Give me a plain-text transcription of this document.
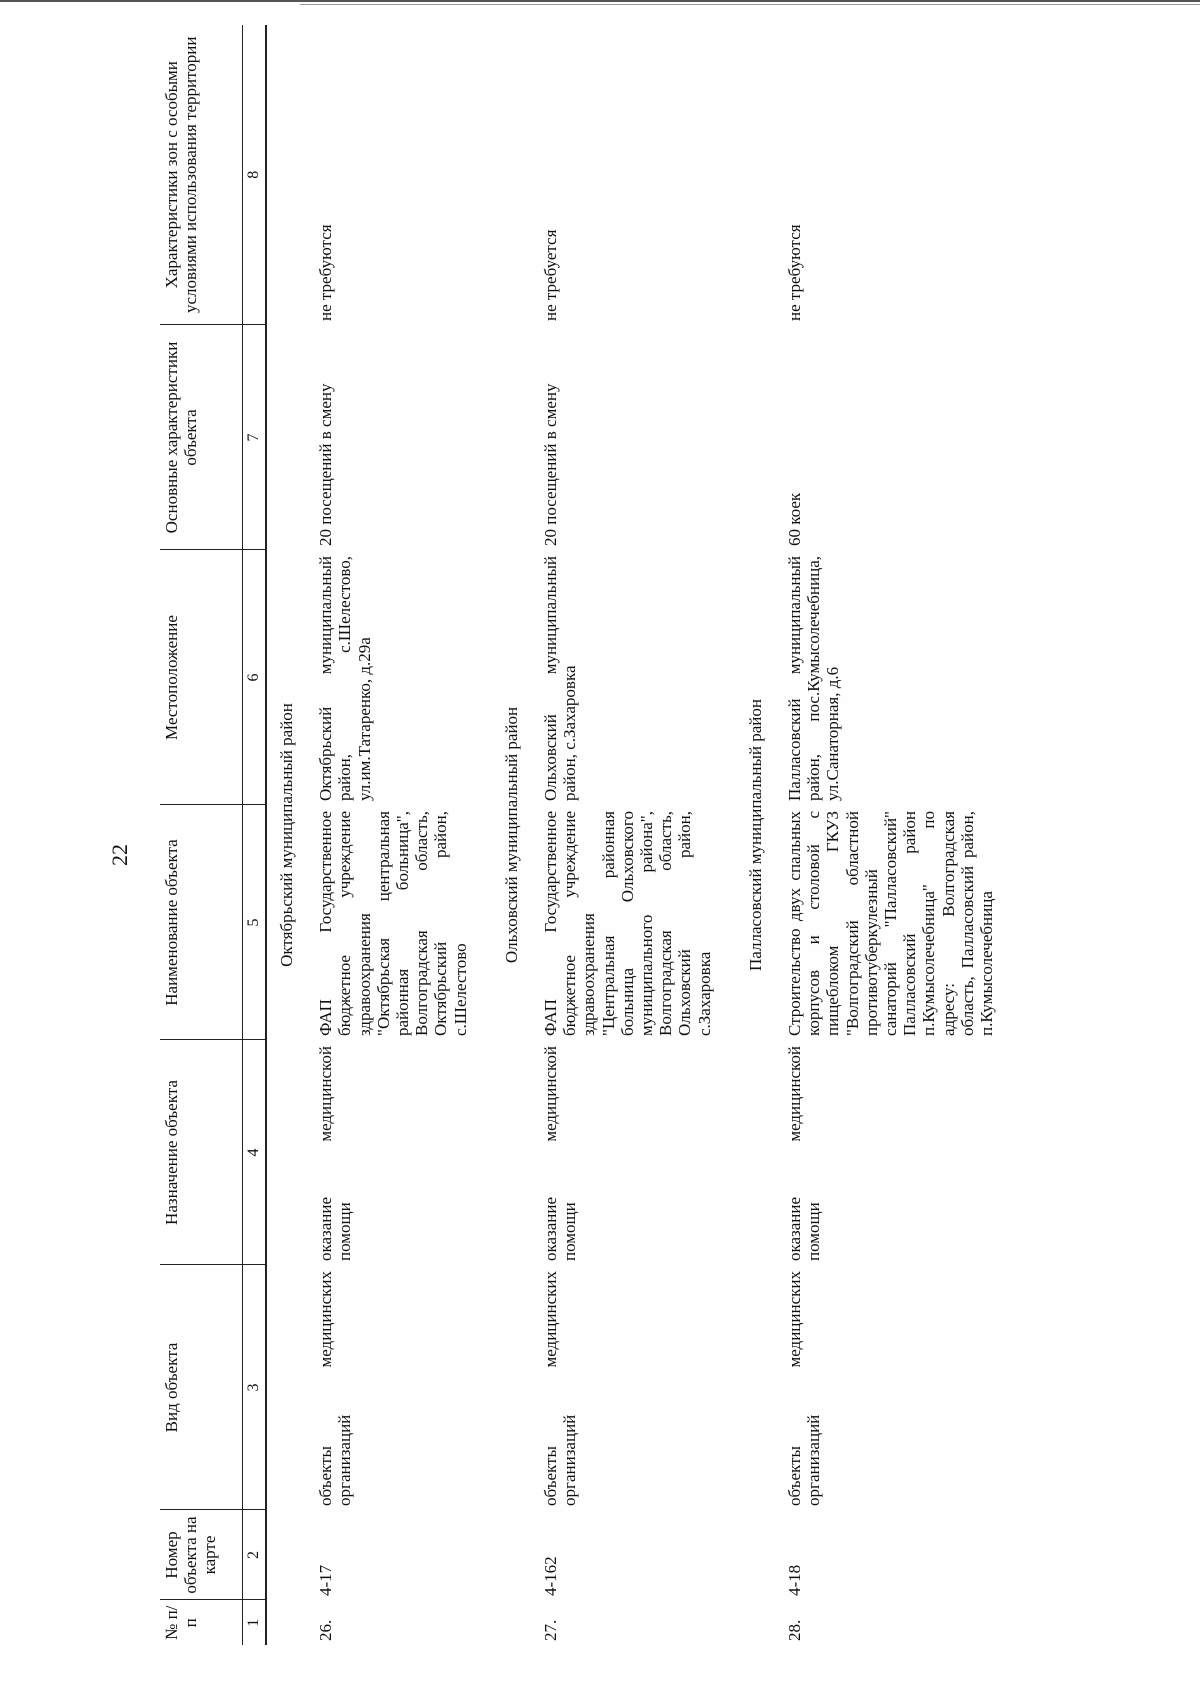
22
№ п/п	Номер объекта на карте	Вид объекта	Назначение объекта	Наименование объекта	Местоположение	Основные характеристики объекта	Характеристики зон с особыми условиями использования территории
1	2	3	4	5	6	7	8
Октябрьский муниципальный район							
26.	4-17	объекты медицинских организаций	оказание медицинской помощи	ФАП Государственное бюджетное учреждение здравоохранения "Октябрьская центральная районная больница", Волгоградская область, Октябрьский район, с.Шелестово	Октябрьский муниципальный район, с.Шелестово, ул.им.Татаренко, д.29а	20 посещений в смену	не требуются
Ольховский муниципальный район							
27.	4-162	объекты медицинских организаций	оказание медицинской помощи	ФАП Государственное бюджетное учреждение здравоохранения "Центральная районная больница Ольховского муниципального района", Волгоградская область, Ольховский район, с.Захаровка	Ольховский муниципальный район, с.Захаровка	20 посещений в смену	не требуется
Палласовский муниципальный район							
28.	4-18	объекты медицинских организаций	оказание медицинской помощи	Строительство двух спальных корпусов и столовой с пищеблоком ГКУЗ "Волгоградский областной противотуберкулезный санаторий "Палласовский" Палласовский район п.Кумысолечебница" по адресу: Волгоградская область, Палласовский район, п.Кумысолечебница	Палласовский муниципальный район, пос.Кумысолечебница, ул.Санаторная, д.6	60 коек	не требуются
